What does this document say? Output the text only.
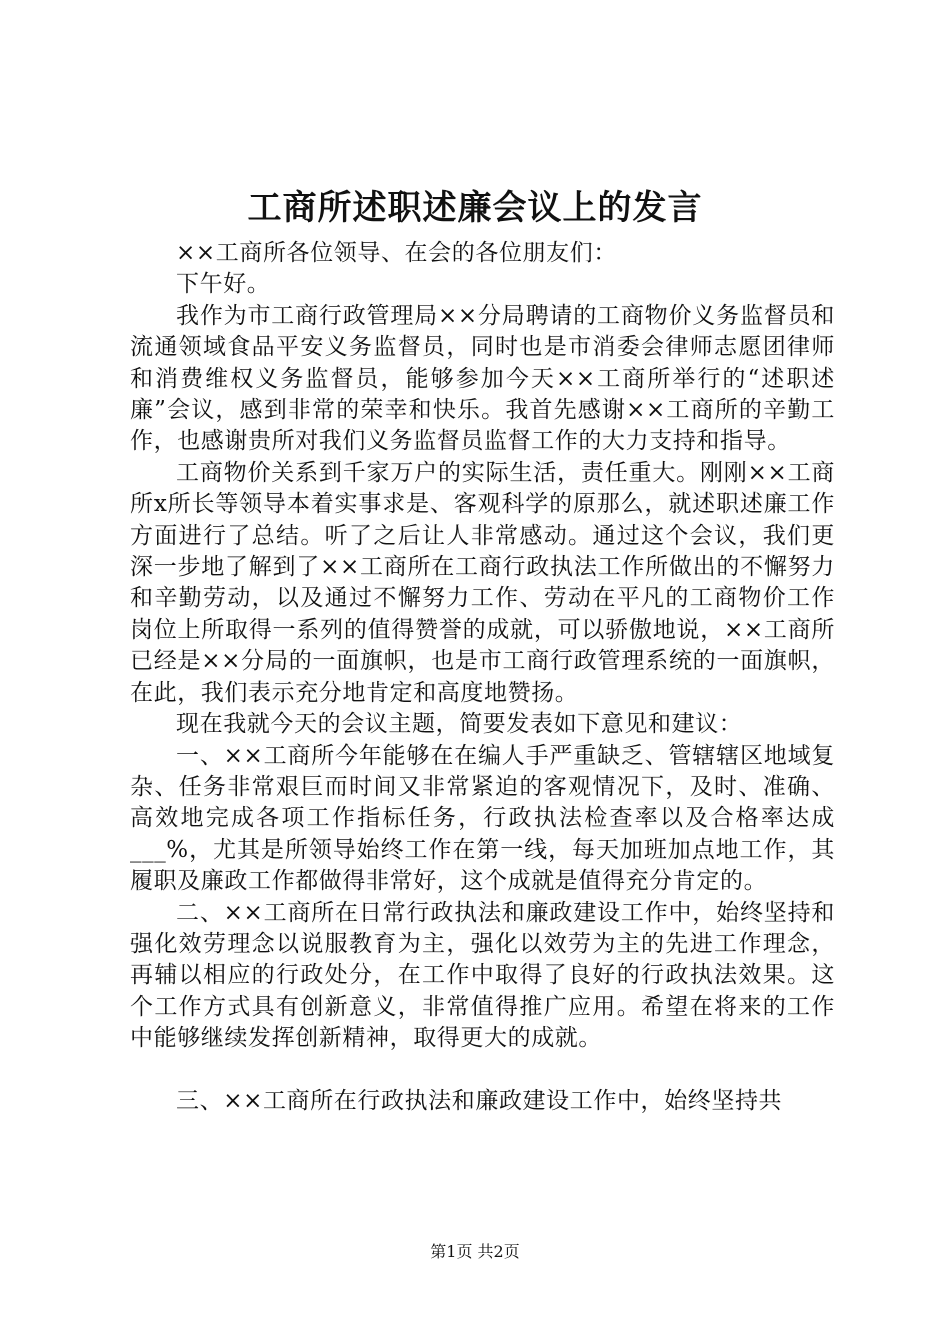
工商所述职述廉会议上的发言

××工商所各位领导、在会的各位朋友们：

下午好。

我作为市工商行政管理局××分局聘请的工商物价义务监督员和流通领域食品平安义务监督员，同时也是市消委会律师志愿团律师和消费维权义务监督员，能够参加今天××工商所举行的“述职述廉”会议，感到非常的荣幸和快乐。我首先感谢××工商所的辛勤工作，也感谢贵所对我们义务监督员监督工作的大力支持和指导。

工商物价关系到千家万户的实际生活，责任重大。刚刚××工商所x所长等领导本着实事求是、客观科学的原那么，就述职述廉工作方面进行了总结。听了之后让人非常感动。通过这个会议，我们更深一步地了解到了××工商所在工商行政执法工作所做出的不懈努力和辛勤劳动，以及通过不懈努力工作、劳动在平凡的工商物价工作岗位上所取得一系列的值得赞誉的成就，可以骄傲地说，××工商所已经是××分局的一面旗帜，也是市工商行政管理系统的一面旗帜，在此，我们表示充分地肯定和高度地赞扬。

现在我就今天的会议主题，简要发表如下意见和建议：

一、××工商所今年能够在在编人手严重缺乏、管辖辖区地域复杂、任务非常艰巨而时间又非常紧迫的客观情况下，及时、准确、高效地完成各项工作指标任务，行政执法检查率以及合格率达成___%，尤其是所领导始终工作在第一线，每天加班加点地工作，其履职及廉政工作都做得非常好，这个成就是值得充分肯定的。

二、××工商所在日常行政执法和廉政建设工作中，始终坚持和强化效劳理念以说服教育为主，强化以效劳为主的先进工作理念，再辅以相应的行政处分，在工作中取得了良好的行政执法效果。这个工作方式具有创新意义，非常值得推广应用。希望在将来的工作中能够继续发挥创新精神，取得更大的成就。

三、××工商所在行政执法和廉政建设工作中，始终坚持共

第1页 共2页
